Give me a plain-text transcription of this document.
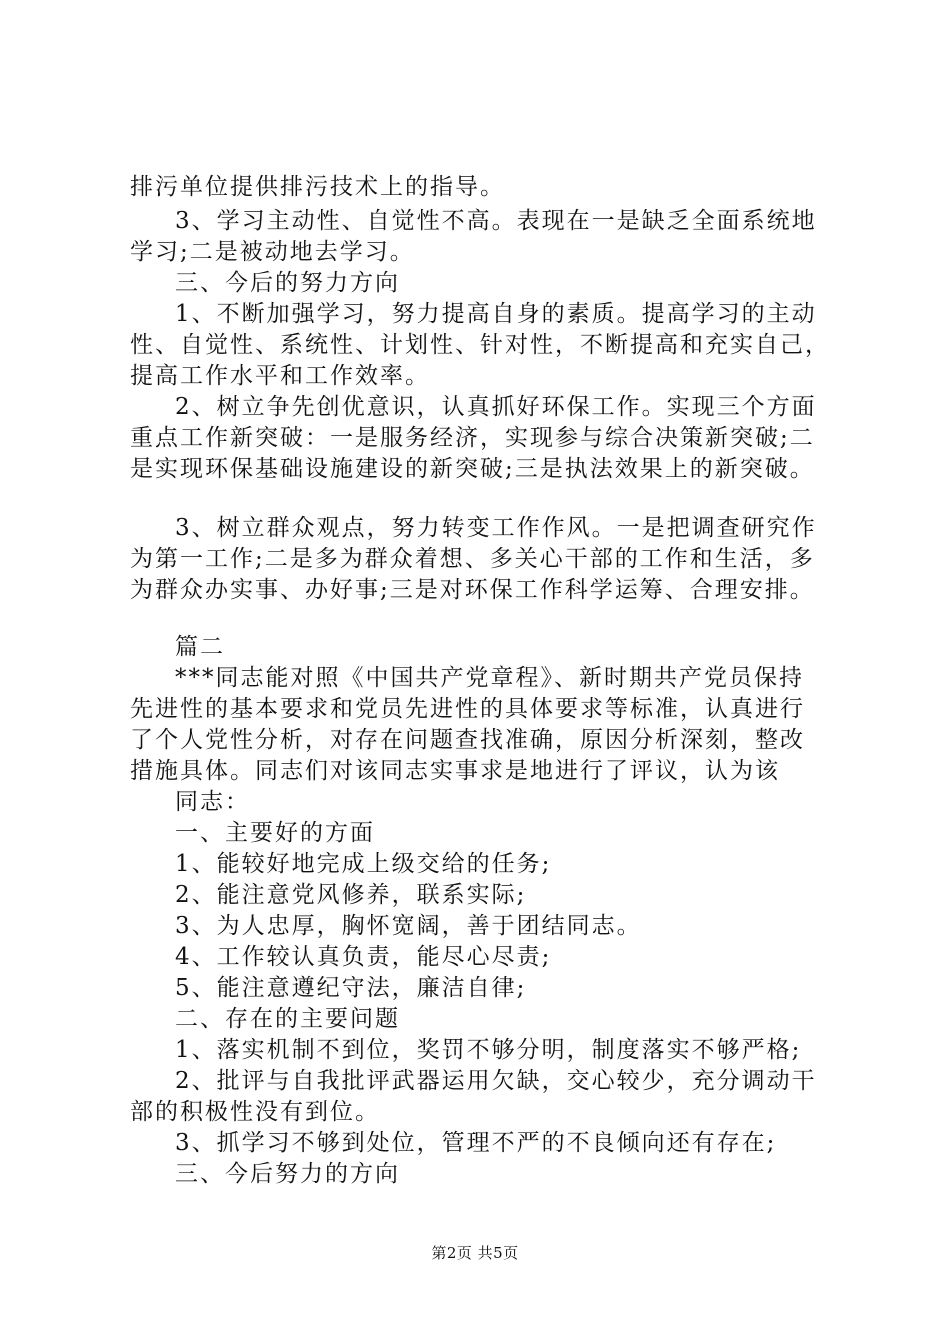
排污单位提供排污技术上的指导。
3、学习主动性、自觉性不高。表现在一是缺乏全面系统地
学习;二是被动地去学习。
三、今后的努力方向
1、不断加强学习，努力提高自身的素质。提高学习的主动
性、自觉性、系统性、计划性、针对性，不断提高和充实自己，
提高工作水平和工作效率。
2、树立争先创优意识，认真抓好环保工作。实现三个方面
重点工作新突破：一是服务经济，实现参与综合决策新突破;二
是实现环保基础设施建设的新突破;三是执法效果上的新突破。
3、树立群众观点，努力转变工作作风。一是把调查研究作
为第一工作;二是多为群众着想、多关心干部的工作和生活，多
为群众办实事、办好事;三是对环保工作科学运筹、合理安排。
篇二
***同志能对照《中国共产党章程》、新时期共产党员保持
先进性的基本要求和党员先进性的具体要求等标准，认真进行
了个人党性分析，对存在问题查找准确，原因分析深刻，整改
措施具体。同志们对该同志实事求是地进行了评议，认为该
同志：
一、主要好的方面
1、能较好地完成上级交给的任务;
2、能注意党风修养，联系实际;
3、为人忠厚，胸怀宽阔，善于团结同志。
4、工作较认真负责，能尽心尽责;
5、能注意遵纪守法，廉洁自律;
二、存在的主要问题
1、落实机制不到位，奖罚不够分明，制度落实不够严格;
2、批评与自我批评武器运用欠缺，交心较少，充分调动干
部的积极性没有到位。
3、抓学习不够到处位，管理不严的不良倾向还有存在;
三、今后努力的方向
第2页 共5页
